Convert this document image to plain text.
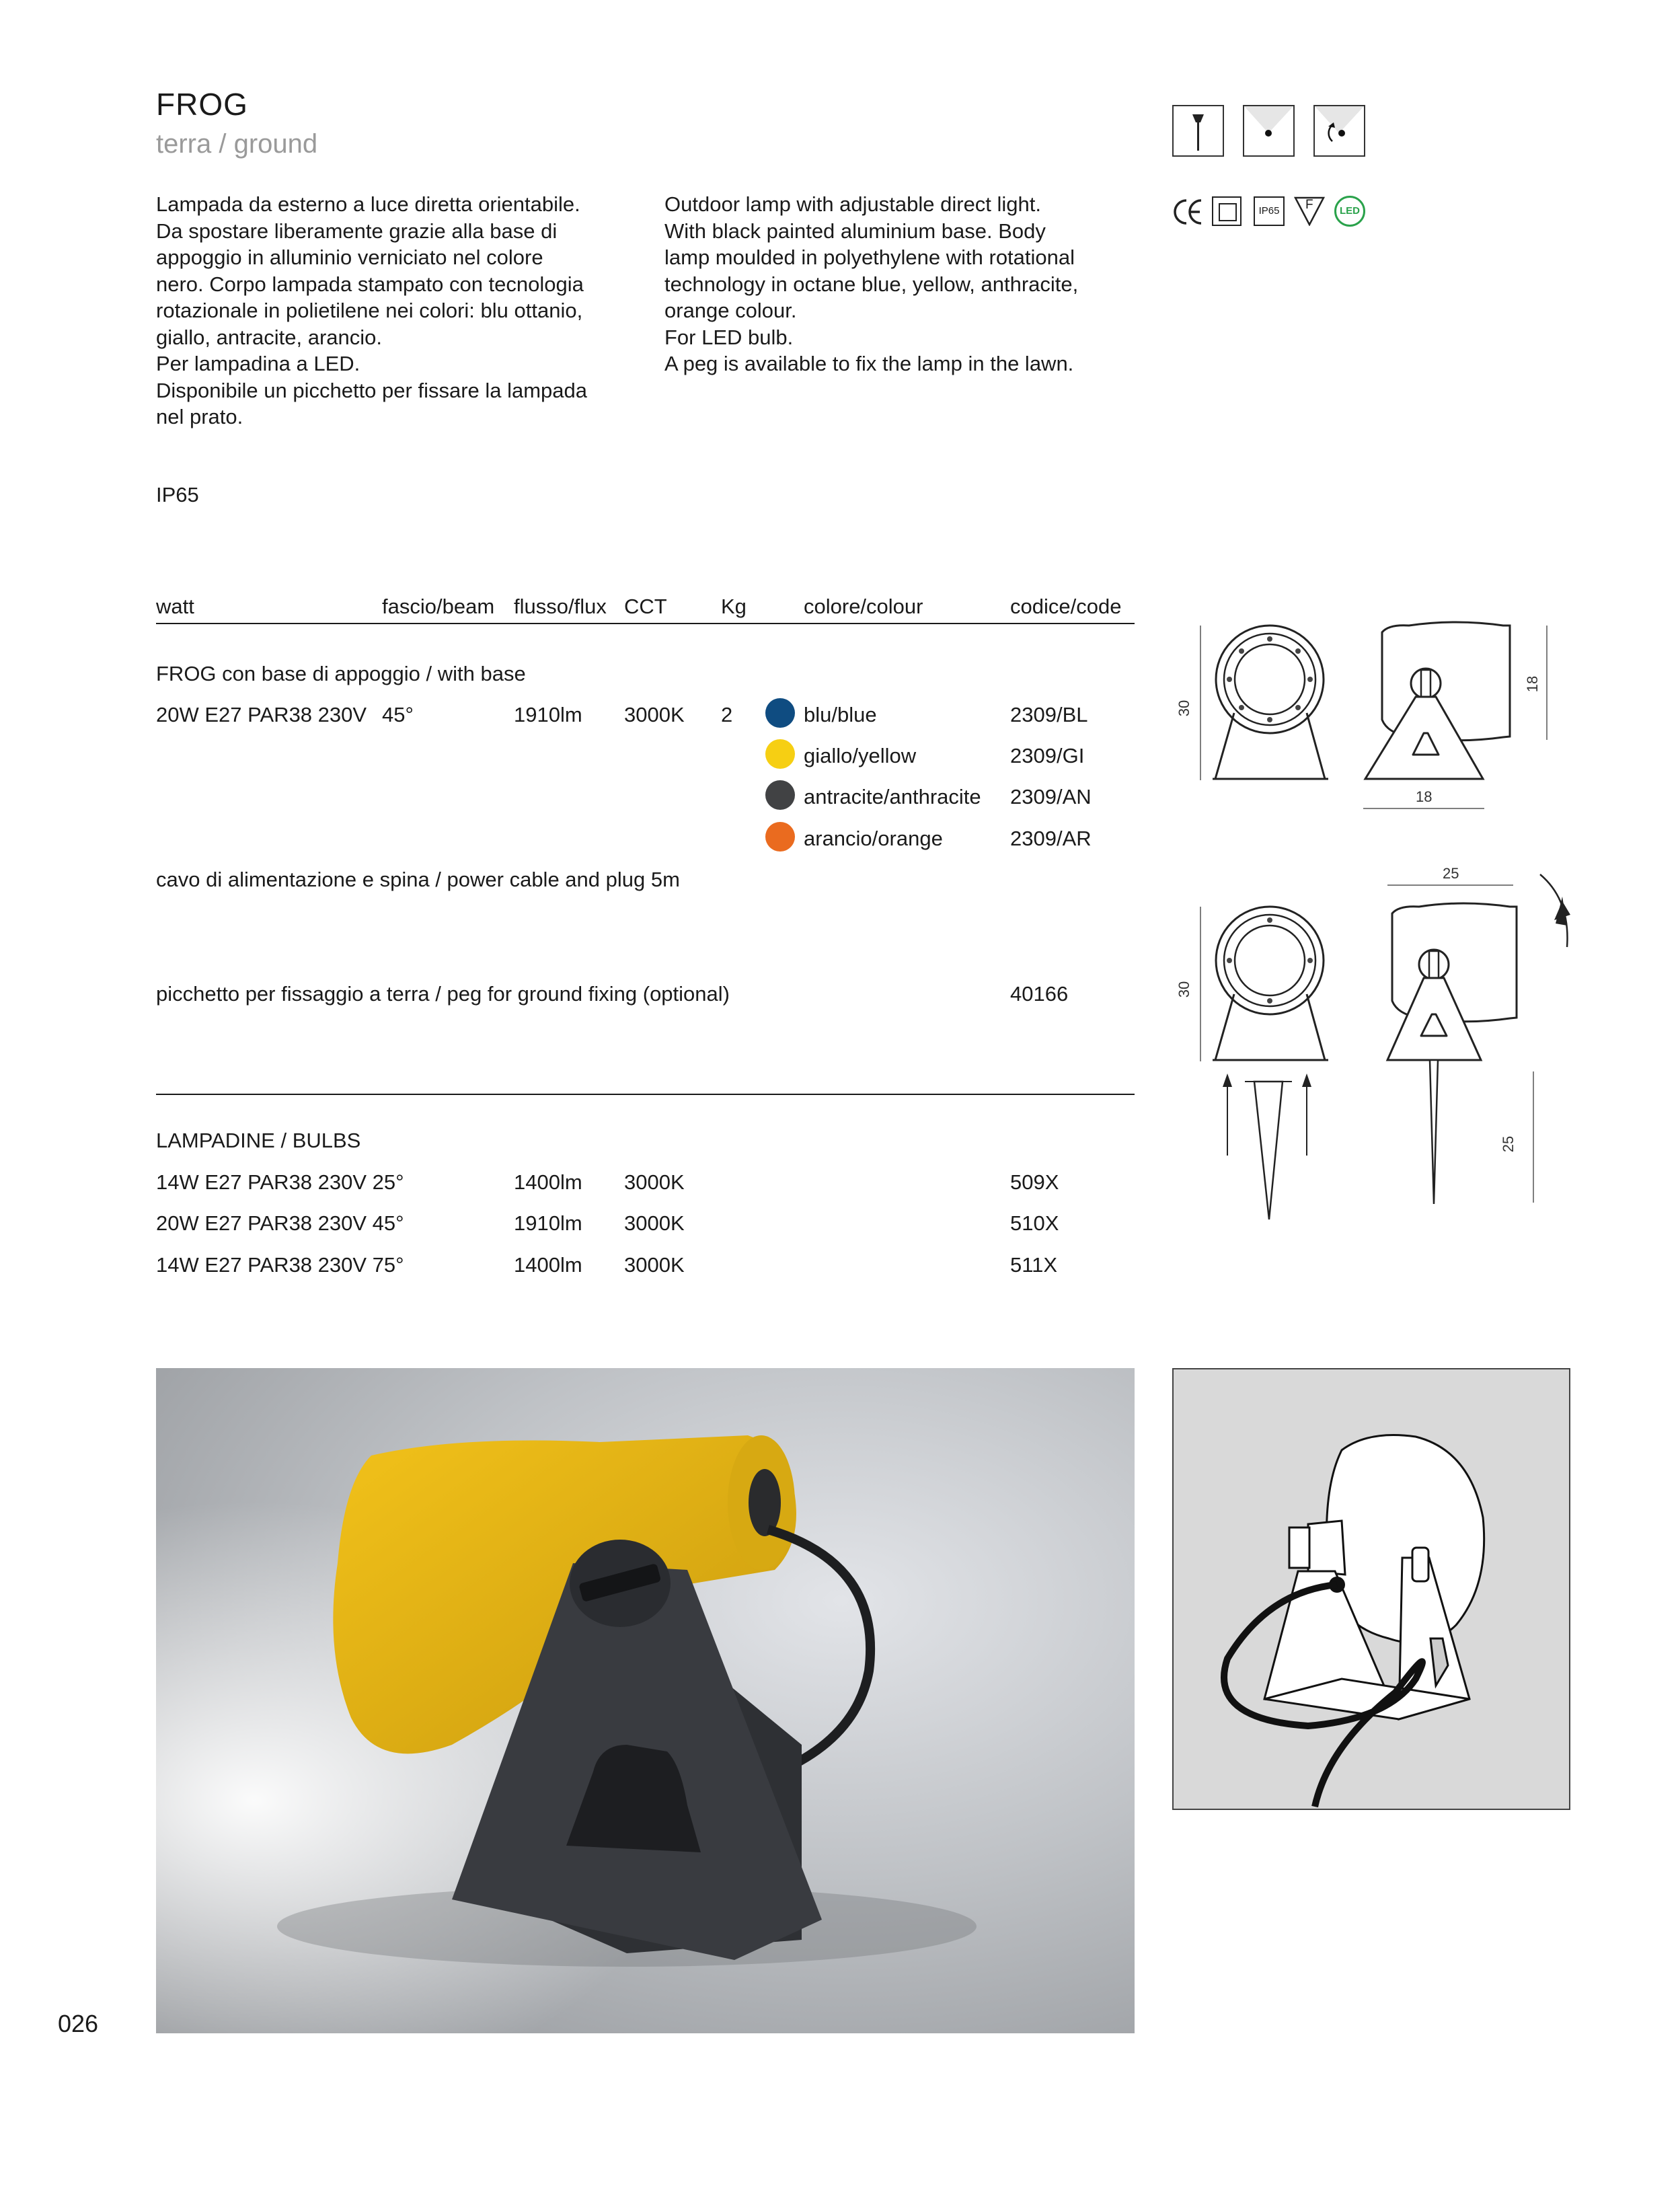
FROG
terra / ground
Lampada da esterno a luce diretta orientabile.
Da spostare liberamente grazie alla base di
appoggio in alluminio verniciato nel colore
nero. Corpo lampada stampato con tecnologia
rotazionale in polietilene nei colori: blu ottanio,
giallo, antracite, arancio.
Per lampadina a LED.
Disponibile un picchetto per fissare la lampada
nel prato.
Outdoor lamp with adjustable direct light.
With black painted aluminium base. Body
lamp moulded in polyethylene with rotational
technology in octane blue, yellow, anthracite,
orange colour.
For LED bulb.
A peg is available to fix the lamp in the lawn.
IP65
IP65	F	LED
watt	fascio/beam flusso/flux CCT	Kg	colore/colour	codice/code
FROG con base di appoggio / with base
20W E27 PAR38 230V 45°	1910lm 3000K 2	blu/blue	2309/BL
giallo/yellow	2309/GI
antracite/anthracite 2309/AN
arancio/orange	2309/AR
cavo di alimentazione e spina / power cable and plug 5m
picchetto per fissaggio a terra / peg for ground fixing (optional)	40166
LAMPADINE / BULBS
14W E27 PAR38 230V 25°	1400lm 3000K	509X
20W E27 PAR38 230V 45°	1910lm 3000K	510X
14W E27 PAR38 230V 75°	1400lm 3000K	511X
30
18
18
30
25
25
026
